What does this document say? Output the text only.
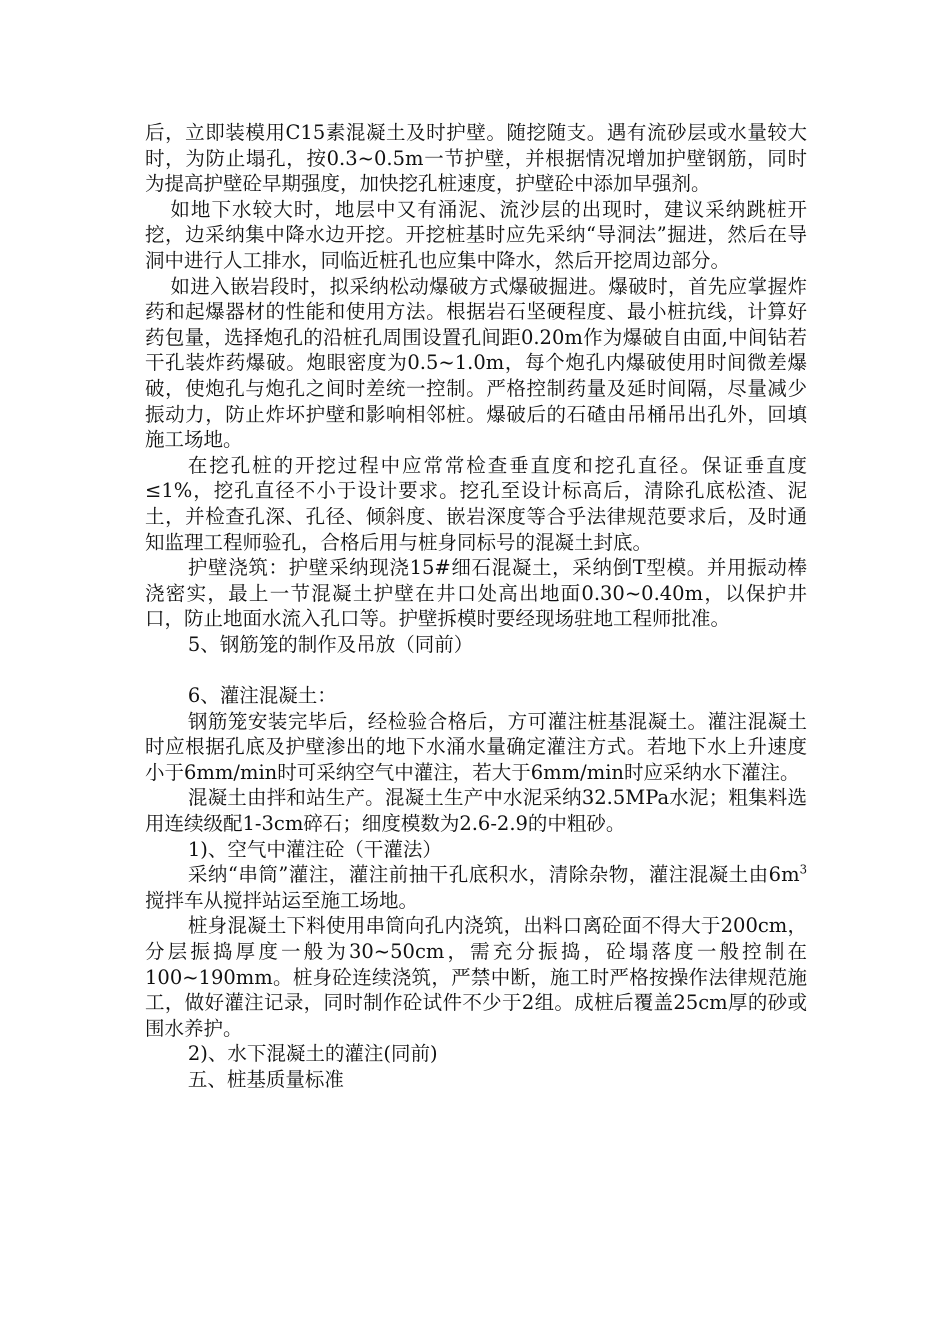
后，立即装模用C15素混凝土及时护壁。随挖随支。遇有流砂层或水量较大时，为防止塌孔，按0.3~0.5m一节护壁，并根据情况增加护壁钢筋，同时为提高护壁砼早期强度，加快挖孔桩速度，护壁砼中添加早强剂。

如地下水较大时，地层中又有涌泥、流沙层的出现时，建议采纳跳桩开挖，边采纳集中降水边开挖。开挖桩基时应先采纳“导洞法”掘进，然后在导洞中进行人工排水，同临近桩孔也应集中降水，然后开挖周边部分。

如进入嵌岩段时，拟采纳松动爆破方式爆破掘进。爆破时，首先应掌握炸药和起爆器材的性能和使用方法。根据岩石坚硬程度、最小桩抗线，计算好药包量，选择炮孔的沿桩孔周围设置孔间距0.20m作为爆破自由面,中间钻若干孔装炸药爆破。炮眼密度为0.5~1.0m，每个炮孔内爆破使用时间微差爆破，使炮孔与炮孔之间时差统一控制。严格控制药量及延时间隔，尽量减少振动力，防止炸坏护壁和影响相邻桩。爆破后的石碴由吊桶吊出孔外，回填施工场地。

在挖孔桩的开挖过程中应常常检查垂直度和挖孔直径。保证垂直度≤1%，挖孔直径不小于设计要求。挖孔至设计标高后，清除孔底松渣、泥土，并检查孔深、孔径、倾斜度、嵌岩深度等合乎法律规范要求后，及时通知监理工程师验孔，合格后用与桩身同标号的混凝土封底。

护壁浇筑：护壁采纳现浇15#细石混凝土，采纳倒T型模。并用振动棒浇密实，最上一节混凝土护壁在井口处高出地面0.30~0.40m，以保护井口，防止地面水流入孔口等。护壁拆模时要经现场驻地工程师批准。

5、钢筋笼的制作及吊放（同前）

6、灌注混凝土：

钢筋笼安装完毕后，经检验合格后，方可灌注桩基混凝土。灌注混凝土时应根据孔底及护壁渗出的地下水涌水量确定灌注方式。若地下水上升速度小于6mm/min时可采纳空气中灌注，若大于6mm/min时应采纳水下灌注。

混凝土由拌和站生产。混凝土生产中水泥采纳32.5MPa水泥；粗集料选用连续级配1-3cm碎石；细度模数为2.6-2.9的中粗砂。

1)、空气中灌注砼（干灌法）

采纳“串筒”灌注，灌注前抽干孔底积水，清除杂物，灌注混凝土由$6m^3$搅拌车从搅拌站运至施工场地。

桩身混凝土下料使用串筒向孔内浇筑，出料口离砼面不得大于200cm，分层振捣厚度一般为30~50cm，需充分振捣，砼塌落度一般控制在100~190mm。桩身砼连续浇筑，严禁中断，施工时严格按操作法律规范施工，做好灌注记录，同时制作砼试件不少于2组。成桩后覆盖25cm厚的砂或围水养护。

2)、水下混凝土的灌注(同前)

五、桩基质量标准
